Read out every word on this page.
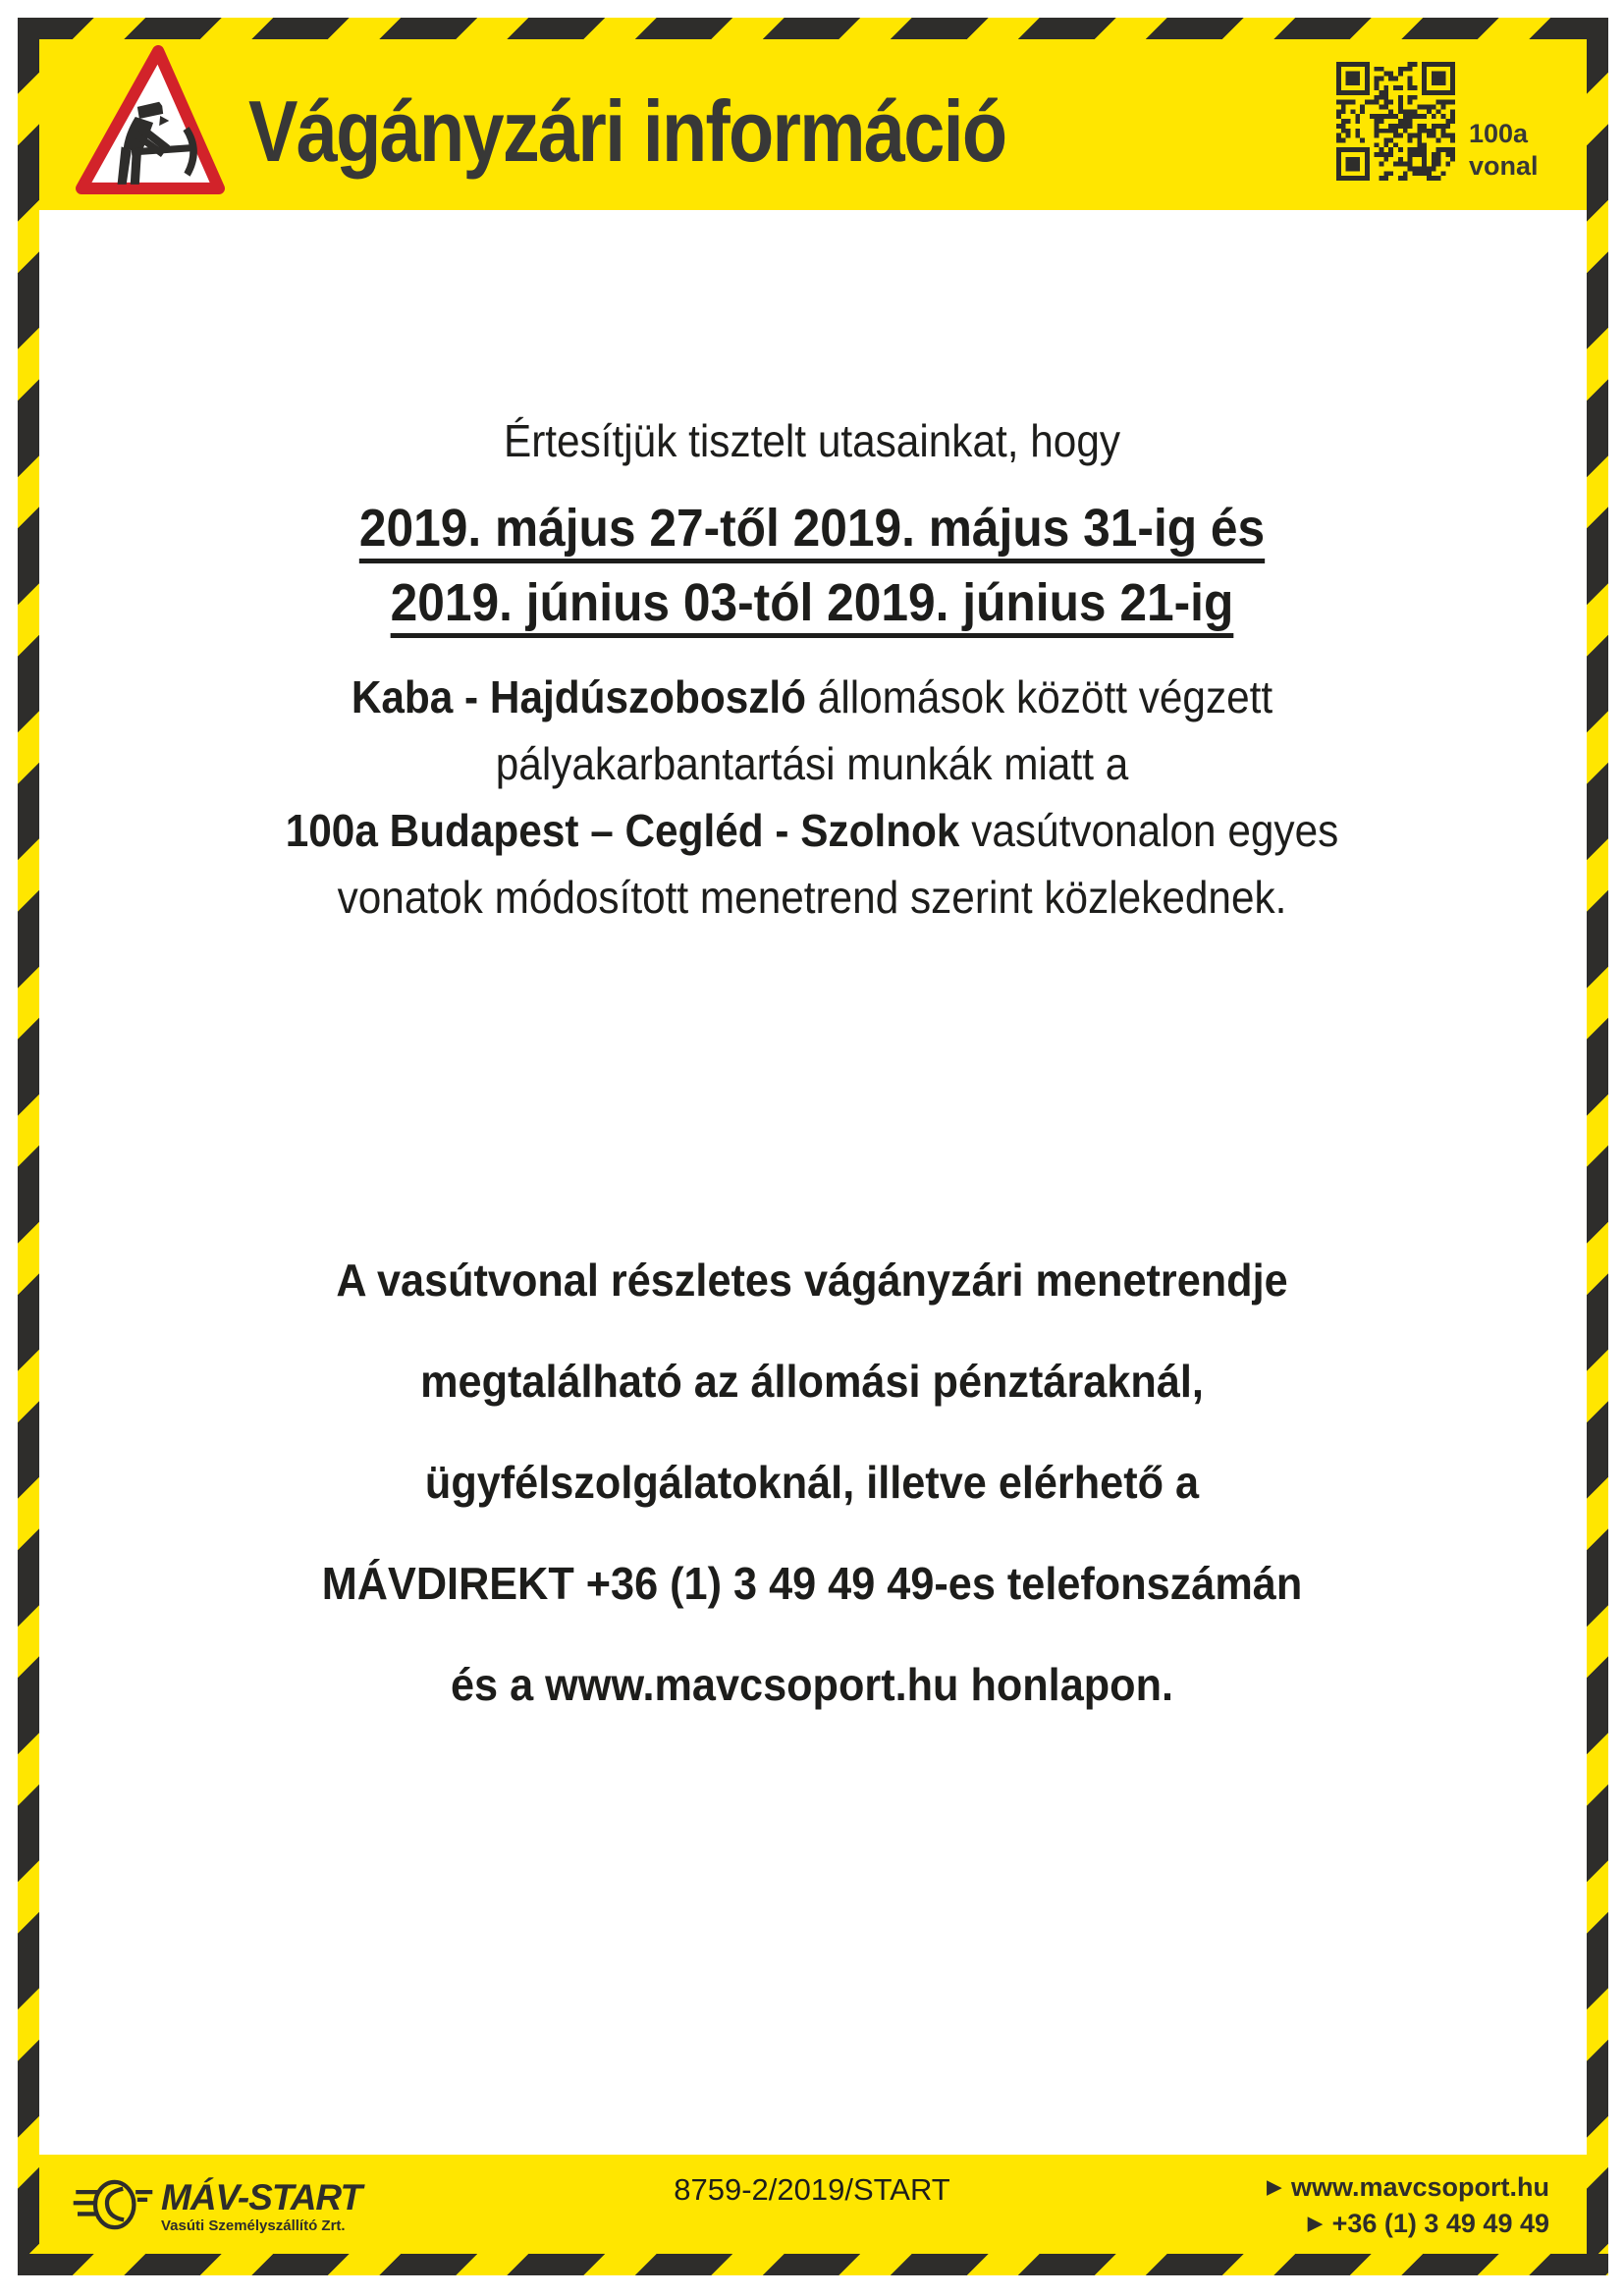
Vágányzári információ	100a
vonal
Értesítjük tisztelt utasainkat, hogy
2019. május 27-től 2019. május 31-ig és
2019. június 03-tól 2019. június 21-ig
Kaba - Hajdúszoboszló állomások között végzett
pályakarbantartási munkák miatt a
100a Budapest – Cegléd - Szolnok vasútvonalon egyes
vonatok módosított menetrend szerint közlekednek.
A vasútvonal részletes vágányzári menetrendje
megtalálható az állomási pénztáraknál,
ügyfélszolgálatoknál, illetve elérhető a
MÁVDIREKT +36 (1) 3 49 49 49-es telefonszámán
és a www.mavcsoport.hu honlapon.
MÁV-START
Vasúti Személyszállító Zrt.
8759-2/2019/START	▶ www.mavcsoport.hu
▶ +36 (1) 3 49 49 49
